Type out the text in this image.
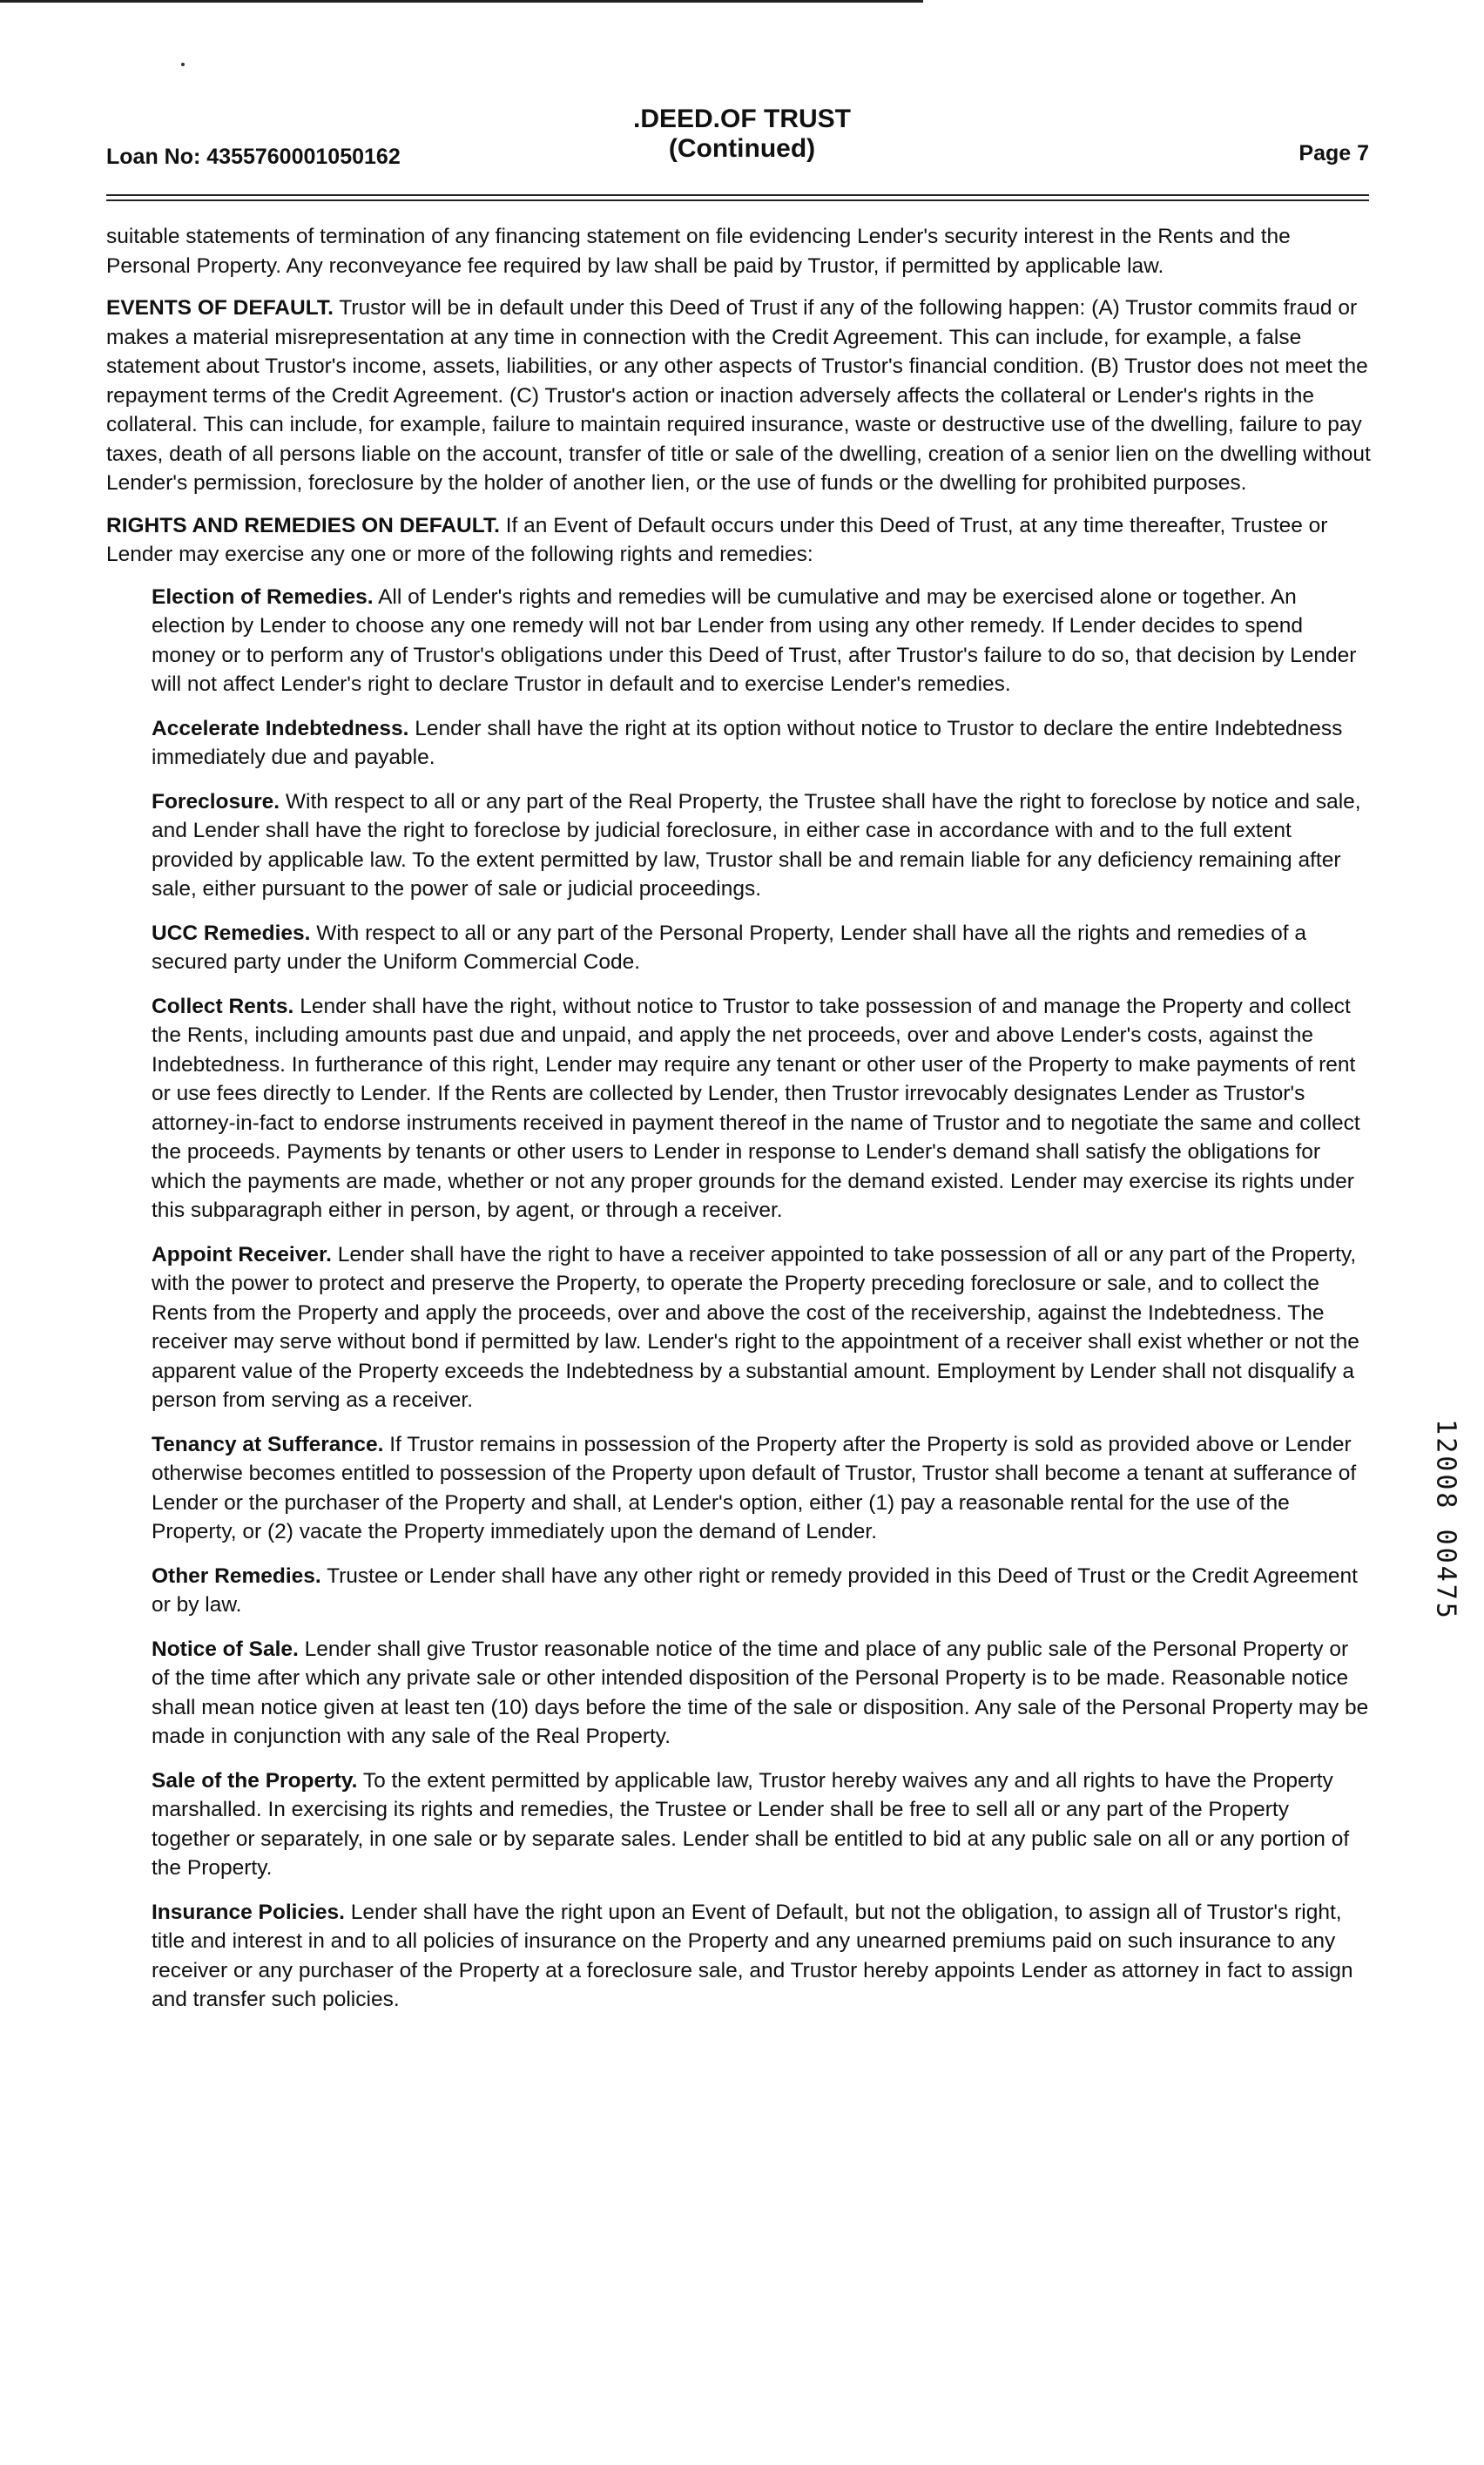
Loan No: 4355760001050162
.DEED.OF TRUST
(Continued)	Page 7

suitable statements of termination of any financing statement on file evidencing Lender's security interest in the Rents and the Personal Property. Any reconveyance fee required by law shall be paid by Trustor, if permitted by applicable law.

EVENTS OF DEFAULT. Trustor will be in default under this Deed of Trust if any of the following happen: (A) Trustor commits fraud or makes a material misrepresentation at any time in connection with the Credit Agreement. This can include, for example, a false statement about Trustor's income, assets, liabilities, or any other aspects of Trustor's financial condition. (B) Trustor does not meet the repayment terms of the Credit Agreement. (C) Trustor's action or inaction adversely affects the collateral or Lender's rights in the collateral. This can include, for example, failure to maintain required insurance, waste or destructive use of the dwelling, failure to pay taxes, death of all persons liable on the account, transfer of title or sale of the dwelling, creation of a senior lien on the dwelling without Lender's permission, foreclosure by the holder of another lien, or the use of funds or the dwelling for prohibited purposes.

RIGHTS AND REMEDIES ON DEFAULT. If an Event of Default occurs under this Deed of Trust, at any time thereafter, Trustee or Lender may exercise any one or more of the following rights and remedies:

Election of Remedies. All of Lender's rights and remedies will be cumulative and may be exercised alone or together. An election by Lender to choose any one remedy will not bar Lender from using any other remedy. If Lender decides to spend money or to perform any of Trustor's obligations under this Deed of Trust, after Trustor's failure to do so, that decision by Lender will not affect Lender's right to declare Trustor in default and to exercise Lender's remedies.

Accelerate Indebtedness. Lender shall have the right at its option without notice to Trustor to declare the entire Indebtedness immediately due and payable.

Foreclosure. With respect to all or any part of the Real Property, the Trustee shall have the right to foreclose by notice and sale, and Lender shall have the right to foreclose by judicial foreclosure, in either case in accordance with and to the full extent provided by applicable law. To the extent permitted by law, Trustor shall be and remain liable for any deficiency remaining after sale, either pursuant to the power of sale or judicial proceedings.

UCC Remedies. With respect to all or any part of the Personal Property, Lender shall have all the rights and remedies of a secured party under the Uniform Commercial Code.

Collect Rents. Lender shall have the right, without notice to Trustor to take possession of and manage the Property and collect the Rents, including amounts past due and unpaid, and apply the net proceeds, over and above Lender's costs, against the Indebtedness. In furtherance of this right, Lender may require any tenant or other user of the Property to make payments of rent or use fees directly to Lender. If the Rents are collected by Lender, then Trustor irrevocably designates Lender as Trustor's attorney-in-fact to endorse instruments received in payment thereof in the name of Trustor and to negotiate the same and collect the proceeds. Payments by tenants or other users to Lender in response to Lender's demand shall satisfy the obligations for which the payments are made, whether or not any proper grounds for the demand existed. Lender may exercise its rights under this subparagraph either in person, by agent, or through a receiver.

Appoint Receiver. Lender shall have the right to have a receiver appointed to take possession of all or any part of the Property, with the power to protect and preserve the Property, to operate the Property preceding foreclosure or sale, and to collect the Rents from the Property and apply the proceeds, over and above the cost of the receivership, against the Indebtedness. The receiver may serve without bond if permitted by law. Lender's right to the appointment of a receiver shall exist whether or not the apparent value of the Property exceeds the Indebtedness by a substantial amount. Employment by Lender shall not disqualify a person from serving as a receiver.

Tenancy at Sufferance. If Trustor remains in possession of the Property after the Property is sold as provided above or Lender otherwise becomes entitled to possession of the Property upon default of Trustor, Trustor shall become a tenant at sufferance of Lender or the purchaser of the Property and shall, at Lender's option, either (1) pay a reasonable rental for the use of the Property, or (2) vacate the Property immediately upon the demand of Lender.

Other Remedies. Trustee or Lender shall have any other right or remedy provided in this Deed of Trust or the Credit Agreement or by law.

Notice of Sale. Lender shall give Trustor reasonable notice of the time and place of any public sale of the Personal Property or of the time after which any private sale or other intended disposition of the Personal Property is to be made. Reasonable notice shall mean notice given at least ten (10) days before the time of the sale or disposition. Any sale of the Personal Property may be made in conjunction with any sale of the Real Property.

Sale of the Property. To the extent permitted by applicable law, Trustor hereby waives any and all rights to have the Property marshalled. In exercising its rights and remedies, the Trustee or Lender shall be free to sell all or any part of the Property together or separately, in one sale or by separate sales. Lender shall be entitled to bid at any public sale on all or any portion of the Property.

Insurance Policies. Lender shall have the right upon an Event of Default, but not the obligation, to assign all of Trustor's right, title and interest in and to all policies of insurance on the Property and any unearned premiums paid on such insurance to any receiver or any purchaser of the Property at a foreclosure sale, and Trustor hereby appoints Lender as attorney in fact to assign and transfer such policies.

12008 00475
